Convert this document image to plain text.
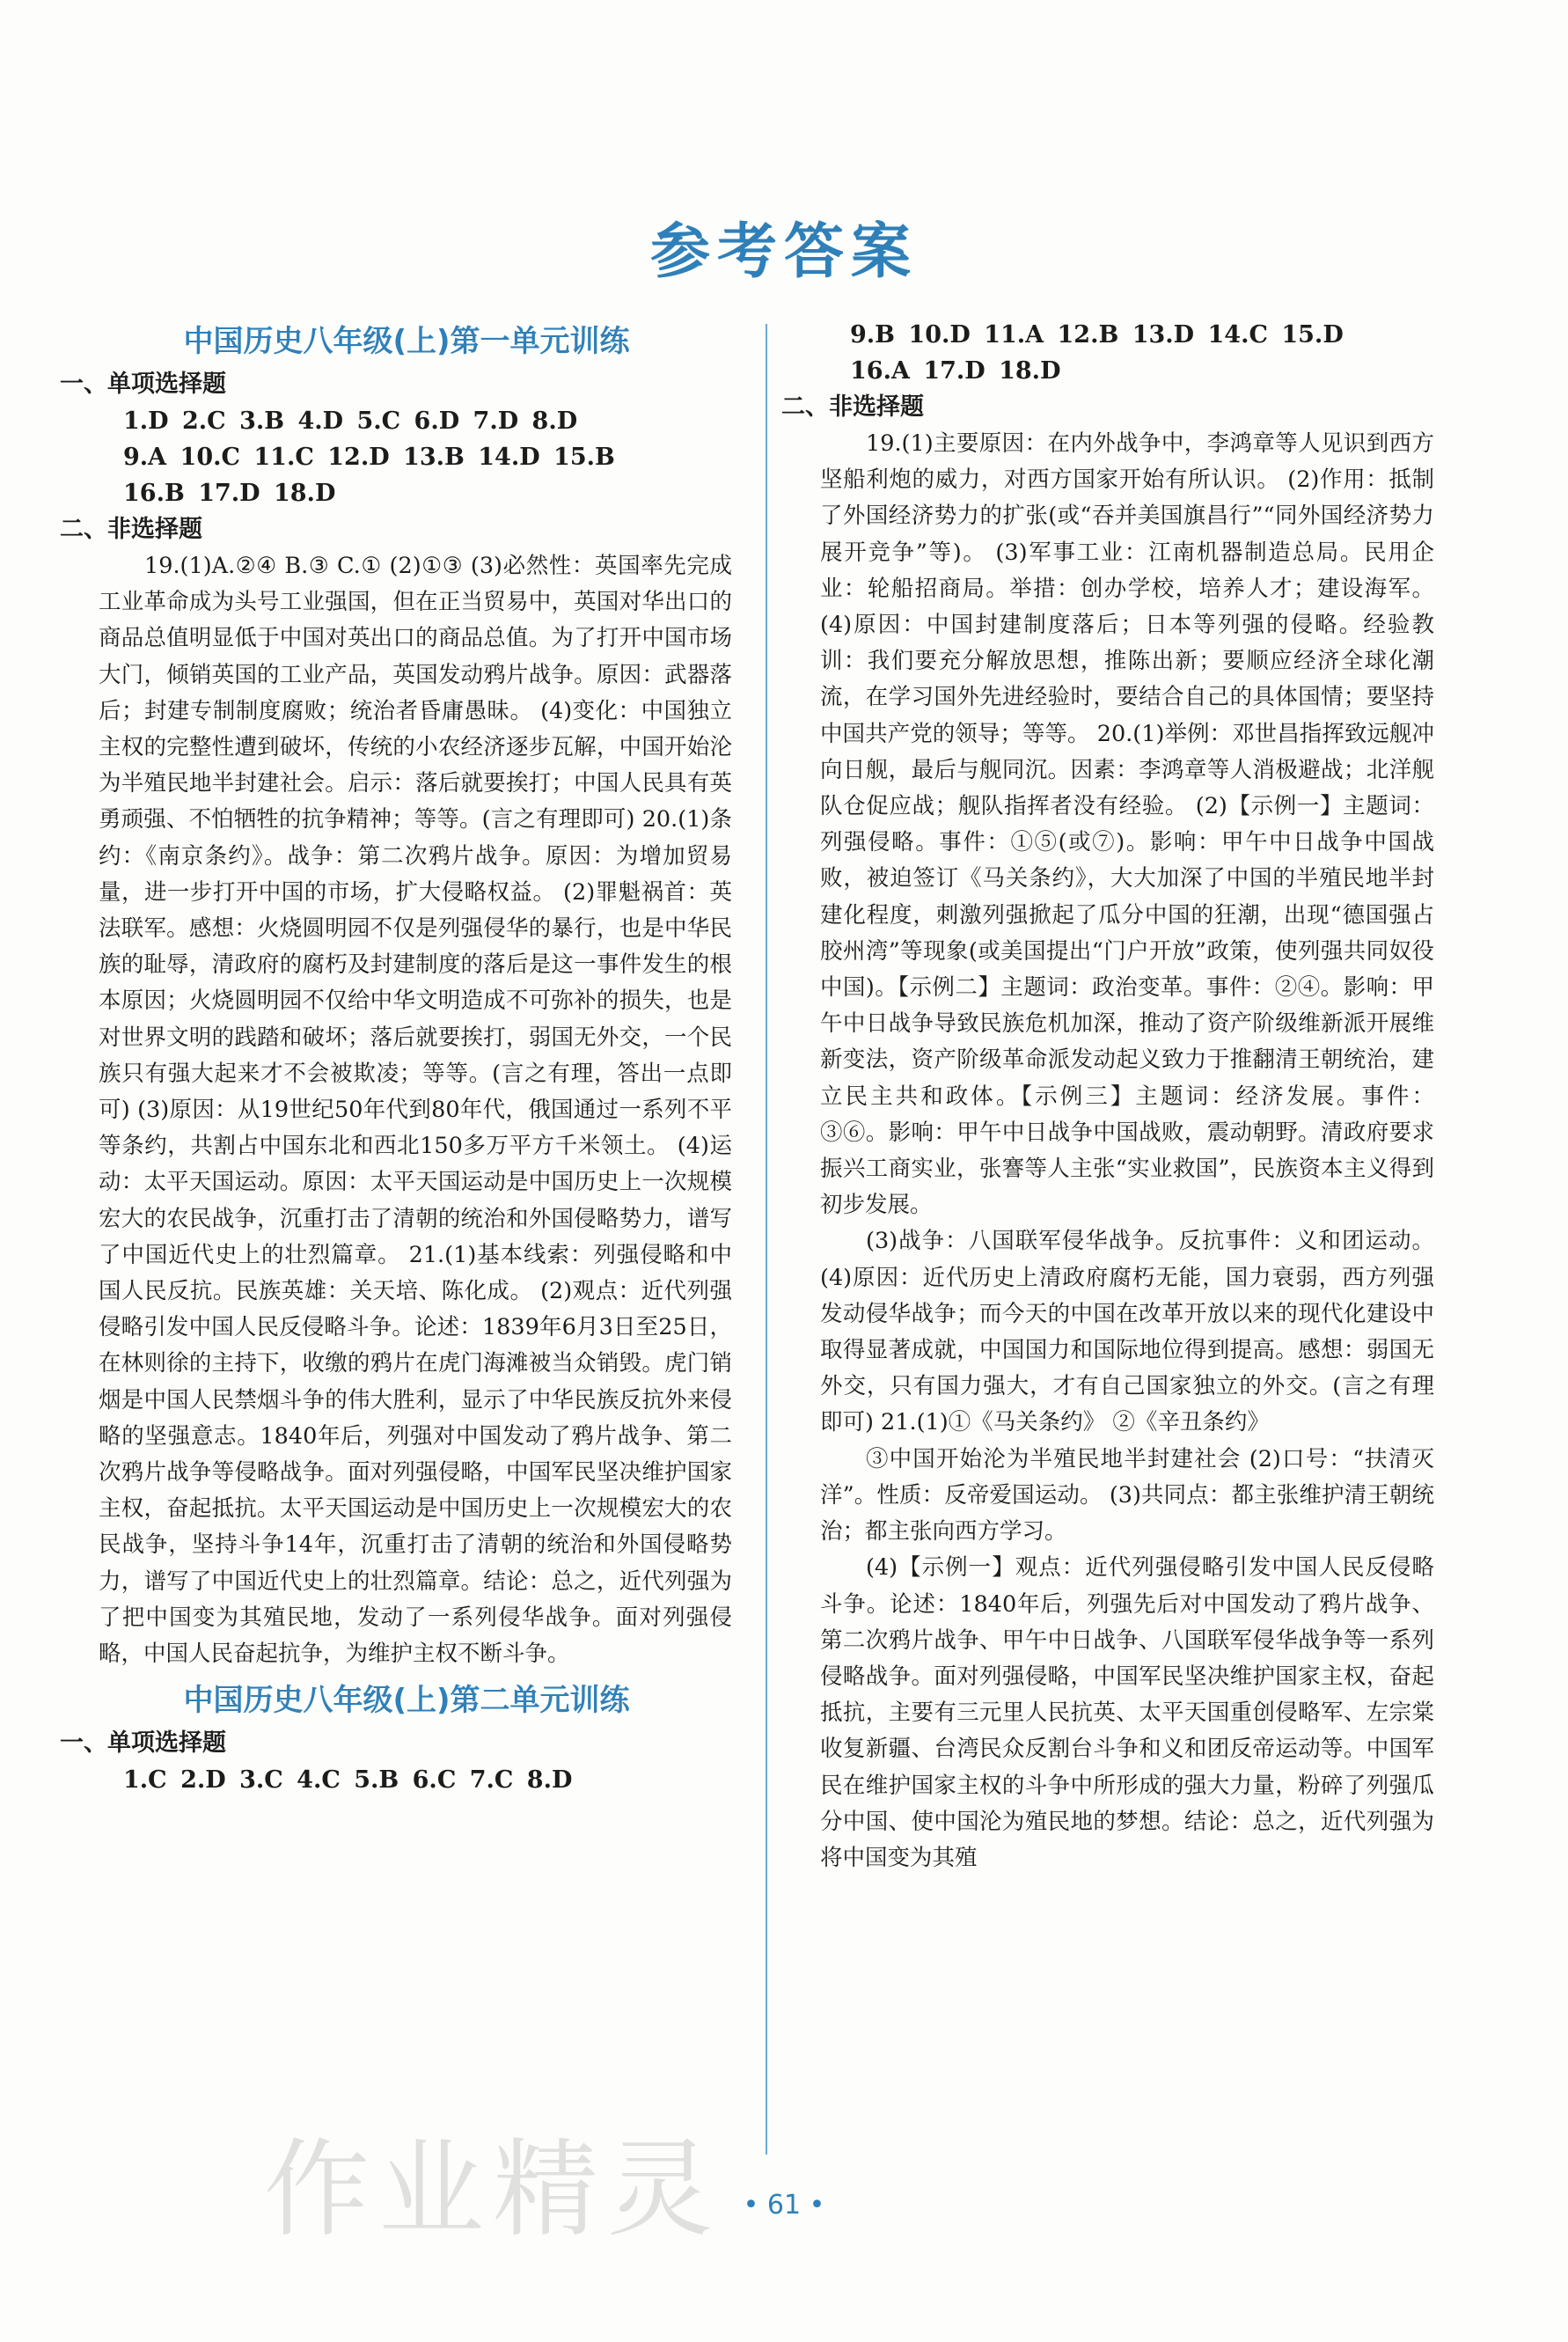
参考答案
中国历史八年级(上)第一单元训练
一、单项选择题
1.D 2.C 3.B 4.D 5.C 6.D 7.D 8.D
9.A 10.C 11.C 12.D 13.B 14.D 15.B
16.B 17.D 18.D
二、非选择题

19.(1)A.②④ B.③ C.① (2)①③ (3)必然性：英国率先完成工业革命成为头号工业强国，但在正当贸易中，英国对华出口的商品总值明显低于中国对英出口的商品总值。为了打开中国市场大门，倾销英国的工业产品，英国发动鸦片战争。原因：武器落后；封建专制制度腐败；统治者昏庸愚昧。 (4)变化：中国独立主权的完整性遭到破坏，传统的小农经济逐步瓦解，中国开始沦为半殖民地半封建社会。启示：落后就要挨打；中国人民具有英勇顽强、不怕牺牲的抗争精神；等等。(言之有理即可) 20.(1)条约：《南京条约》。战争：第二次鸦片战争。原因：为增加贸易量，进一步打开中国的市场，扩大侵略权益。 (2)罪魁祸首：英法联军。感想：火烧圆明园不仅是列强侵华的暴行，也是中华民族的耻辱，清政府的腐朽及封建制度的落后是这一事件发生的根本原因；火烧圆明园不仅给中华文明造成不可弥补的损失，也是对世界文明的践踏和破坏；落后就要挨打，弱国无外交，一个民族只有强大起来才不会被欺凌；等等。(言之有理，答出一点即可) (3)原因：从19世纪50年代到80年代，俄国通过一系列不平等条约，共割占中国东北和西北150多万平方千米领土。 (4)运动：太平天国运动。原因：太平天国运动是中国历史上一次规模宏大的农民战争，沉重打击了清朝的统治和外国侵略势力，谱写了中国近代史上的壮烈篇章。 21.(1)基本线索：列强侵略和中国人民反抗。民族英雄：关天培、陈化成。 (2)观点：近代列强侵略引发中国人民反侵略斗争。论述：1839年6月3日至25日，在林则徐的主持下，收缴的鸦片在虎门海滩被当众销毁。虎门销烟是中国人民禁烟斗争的伟大胜利，显示了中华民族反抗外来侵略的坚强意志。1840年后，列强对中国发动了鸦片战争、第二次鸦片战争等侵略战争。面对列强侵略，中国军民坚决维护国家主权，奋起抵抗。太平天国运动是中国历史上一次规模宏大的农民战争，坚持斗争14年，沉重打击了清朝的统治和外国侵略势力，谱写了中国近代史上的壮烈篇章。结论：总之，近代列强为了把中国变为其殖民地，发动了一系列侵华战争。面对列强侵略，中国人民奋起抗争，为维护主权不断斗争。

中国历史八年级(上)第二单元训练
一、单项选择题
1.C 2.D 3.C 4.C 5.B 6.C 7.C 8.D
9.B 10.D 11.A 12.B 13.D 14.C 15.D
16.A 17.D 18.D
二、非选择题

19.(1)主要原因：在内外战争中，李鸿章等人见识到西方坚船利炮的威力，对西方国家开始有所认识。 (2)作用：抵制了外国经济势力的扩张(或“吞并美国旗昌行”“同外国经济势力展开竞争”等)。 (3)军事工业：江南机器制造总局。民用企业：轮船招商局。举措：创办学校，培养人才；建设海军。 (4)原因：中国封建制度落后；日本等列强的侵略。经验教训：我们要充分解放思想，推陈出新；要顺应经济全球化潮流，在学习国外先进经验时，要结合自己的具体国情；要坚持中国共产党的领导；等等。 20.(1)举例：邓世昌指挥致远舰冲向日舰，最后与舰同沉。因素：李鸿章等人消极避战；北洋舰队仓促应战；舰队指挥者没有经验。 (2)【示例一】主题词：列强侵略。事件：①⑤(或⑦)。影响：甲午中日战争中国战败，被迫签订《马关条约》，大大加深了中国的半殖民地半封建化程度，刺激列强掀起了瓜分中国的狂潮，出现“德国强占胶州湾”等现象(或美国提出“门户开放”政策，使列强共同奴役中国)。【示例二】主题词：政治变革。事件：②④。影响：甲午中日战争导致民族危机加深，推动了资产阶级维新派开展维新变法，资产阶级革命派发动起义致力于推翻清王朝统治，建立民主共和政体。【示例三】主题词：经济发展。事件：③⑥。影响：甲午中日战争中国战败，震动朝野。清政府要求振兴工商实业，张謇等人主张“实业救国”，民族资本主义得到初步发展。

(3)战争：八国联军侵华战争。反抗事件：义和团运动。 (4)原因：近代历史上清政府腐朽无能，国力衰弱，西方列强发动侵华战争；而今天的中国在改革开放以来的现代化建设中取得显著成就，中国国力和国际地位得到提高。感想：弱国无外交，只有国力强大，才有自己国家独立的外交。(言之有理即可) 21.(1)①《马关条约》 ②《辛丑条约》

③中国开始沦为半殖民地半封建社会 (2)口号：“扶清灭洋”。性质：反帝爱国运动。 (3)共同点：都主张维护清王朝统治；都主张向西方学习。

(4)【示例一】观点：近代列强侵略引发中国人民反侵略斗争。论述：1840年后，列强先后对中国发动了鸦片战争、第二次鸦片战争、甲午中日战争、八国联军侵华战争等一系列侵略战争。面对列强侵略，中国军民坚决维护国家主权，奋起抵抗，主要有三元里人民抗英、太平天国重创侵略军、左宗棠收复新疆、台湾民众反割台斗争和义和团反帝运动等。中国军民在维护国家主权的斗争中所形成的强大力量，粉碎了列强瓜分中国、使中国沦为殖民地的梦想。结论：总之，近代列强为将中国变为其殖

作业精灵 • 61 •
